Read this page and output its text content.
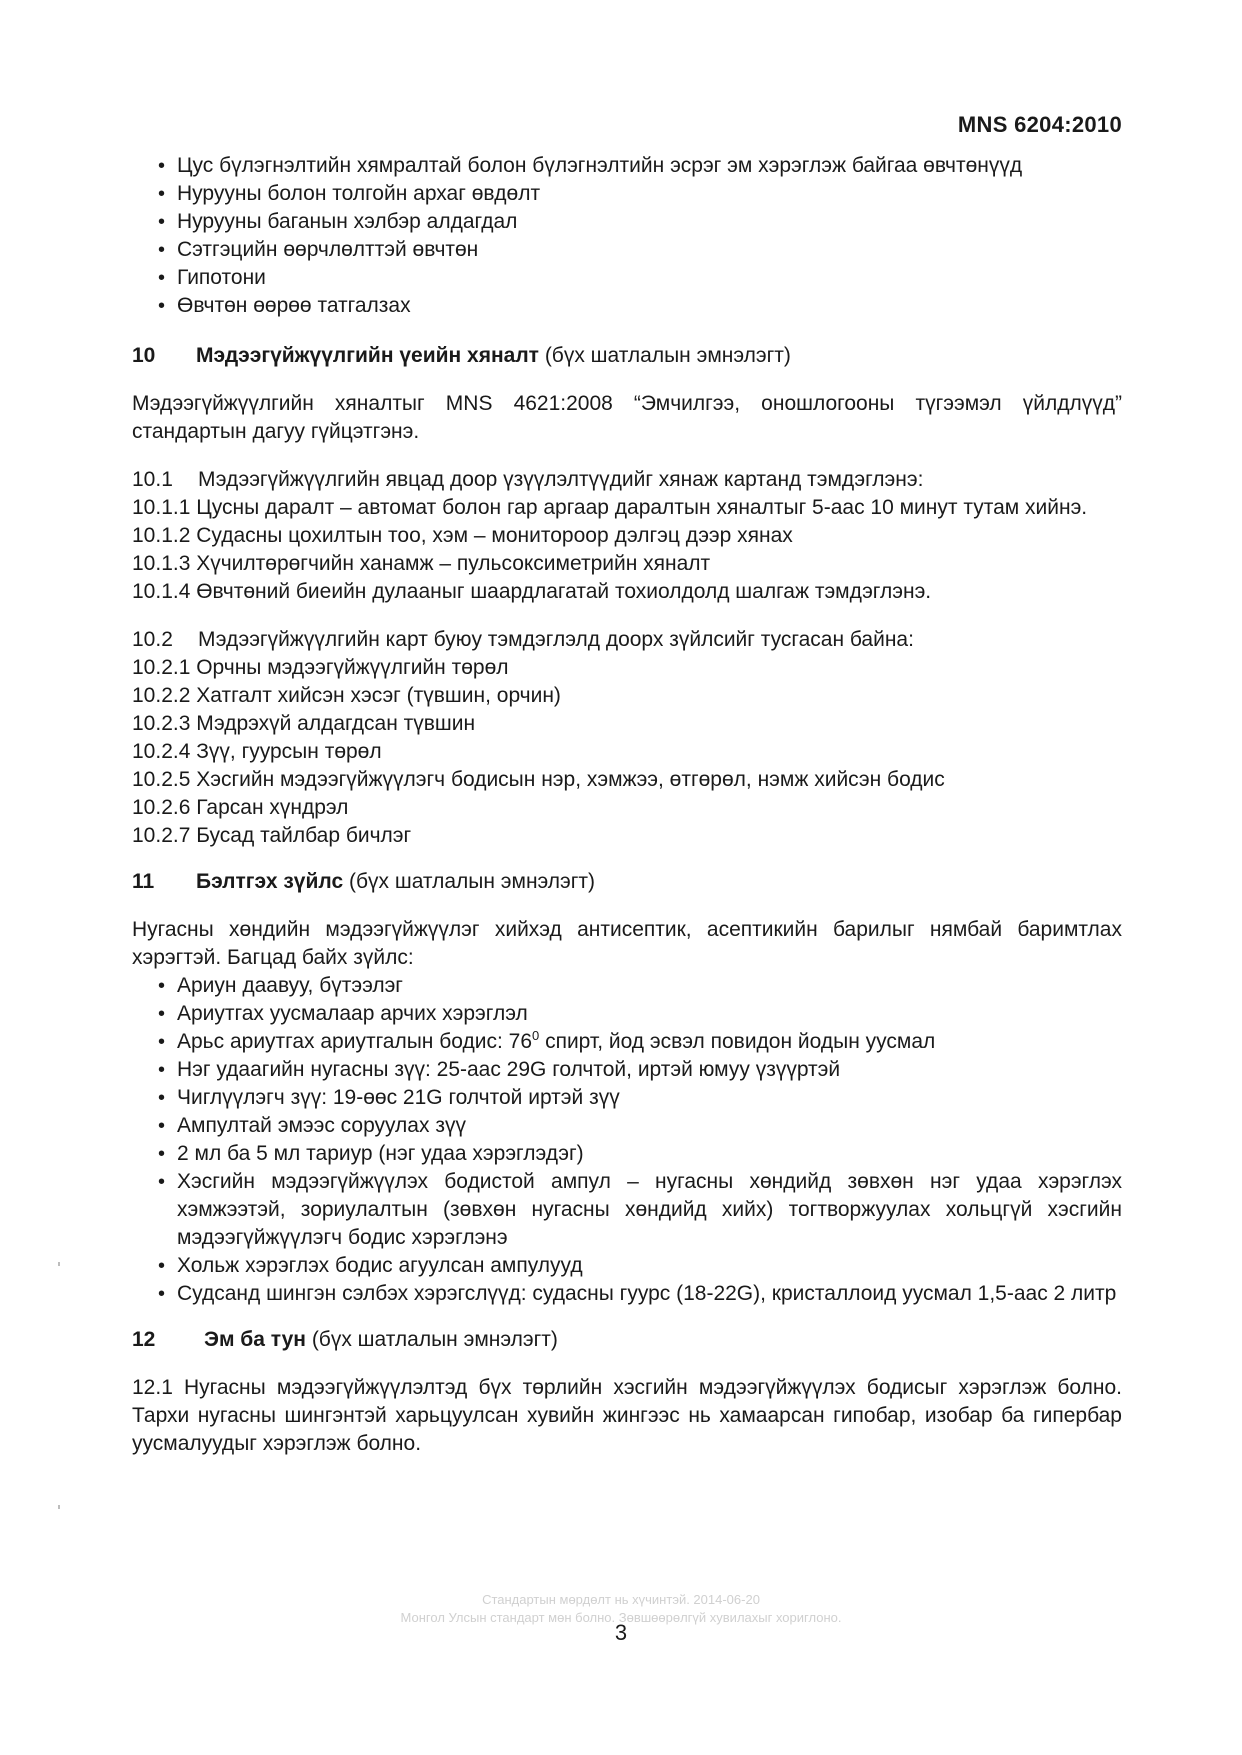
MNS 6204:2010
• Цус бүлэгнэлтийн хямралтай болон бүлэгнэлтийн эсрэг эм хэрэглэж байгаа өвчтөнүүд
• Нурууны болон толгойн архаг өвдөлт
• Нурууны баганын хэлбэр алдагдал
• Сэтгэцийн өөрчлөлттэй өвчтөн
• Гипотони
• Өвчтөн өөрөө татгалзах
10 Мэдээгүйжүүлгийн үеийн хяналт (бүх шатлалын эмнэлэгт)

Мэдээгүйжүүлгийн хяналтыг MNS 4621:2008 “Эмчилгээ, оношлогооны түгээмэл үйлдлүүд” стандартын дагуу гүйцэтгэнэ.

10.1 Мэдээгүйжүүлгийн явцад доор үзүүлэлтүүдийг хянаж картанд тэмдэглэнэ:

10.1.1 Цусны даралт – автомат болон гар аргаар даралтын хяналтыг 5-аас 10 минут тутам хийнэ.

10.1.2 Судасны цохилтын тоо, хэм – мониторoор дэлгэц дээр хянах
10.1.3 Хүчилтөрөгчийн ханамж – пульсоксиметрийн хяналт
10.1.4 Өвчтөний биеийн дулааныг шаардлагатай тохиолдолд шалгаж тэмдэглэнэ.
10.2 Мэдээгүйжүүлгийн карт буюу тэмдэглэлд доорх зүйлсийг тусгасан байна:
10.2.1 Орчны мэдээгүйжүүлгийн төрөл
10.2.2 Хатгалт хийсэн хэсэг (түвшин, орчин)
10.2.3 Мэдрэхүй алдагдсан түвшин
10.2.4 Зүү, гуурсын төрөл
10.2.5 Хэсгийн мэдээгүйжүүлэгч бодисын нэр, хэмжээ, өтгөрөл, нэмж хийсэн бодис
10.2.6 Гарсан хүндрэл
10.2.7 Бусад тайлбар бичлэг
11 Бэлтгэх зүйлс (бүх шатлалын эмнэлэгт)

Нугасны хөндийн мэдээгүйжүүлэг хийхэд антисептик, асептикийн барилыг нямбай баримтлах хэрэгтэй. Багцад байх зүйлс:

• Ариун даавуу, бүтээлэг
• Ариутгах уусмалаар арчих хэрэглэл
• Арьс ариутгах ариутгалын бодис: $76^0$ спирт, йод эсвэл повидон йодын уусмал
• Нэг удаагийн нугасны зүү: 25-аас 29G голчтой, иртэй юмуу үзүүртэй
• Чиглүүлэгч зүү: 19-өөс 21G голчтой иртэй зүү
• Ампултай эмээс соруулах зүү
• 2 мл ба 5 мл тариур (нэг удаа хэрэглэдэг)
• Хэсгийн мэдээгүйжүүлэх бодистой ампул – нугасны хөндийд зөвхөн нэг удаа хэрэглэх хэмжээтэй, зориулалтын (зөвхөн нугасны хөндийд хийх) тогтворжуулах хольцгүй хэсгийн мэдээгүйжүүлэгч бодис хэрэглэнэ
• Хольж хэрэглэх бодис агуулсан ампулууд
• Судсанд шингэн сэлбэх хэрэгслүүд: судасны гуурс (18-22G), кристаллоид уусмал 1,5-аас 2 литр
12 Эм ба тун (бүх шатлалын эмнэлэгт)

12.1 Нугасны мэдээгүйжүүлэлтэд бүх төрлийн хэсгийн мэдээгүйжүүлэх бодисыг хэрэглэж болно. Тархи нугасны шингэнтэй харьцуулсан хувийн жингээс нь хамаарсан гипобар, изобар ба гипербар уусмалуудыг хэрэглэж болно.

Стандартын мөрдөлт нь хүчинтэй. 2014-06-20
Монгол Улсын стандарт мөн болно. Зөвшөөрөлгүй хувилахыг хориглоно.
3
